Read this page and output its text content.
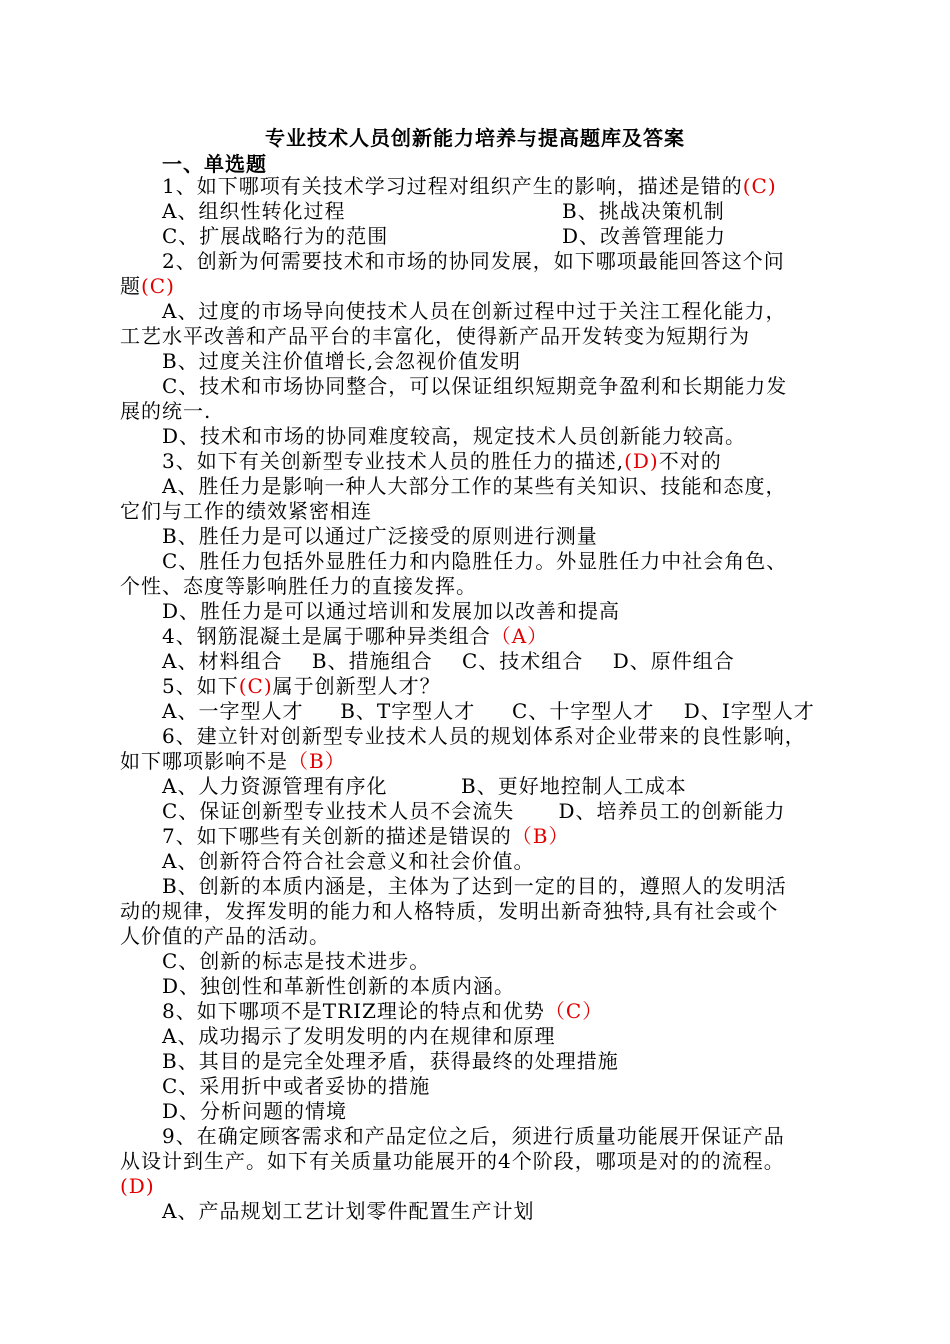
专业技术人员创新能力培养与提高题库及答案
一、单选题
1、如下哪项有关技术学习过程对组织产生的影响，描述是错的(C)
A、组织性转化过程	B、挑战决策机制
C、扩展战略行为的范围	D、改善管理能力
2、创新为何需要技术和市场的协同发展，如下哪项最能回答这个问
题(C)
A、过度的市场导向使技术人员在创新过程中过于关注工程化能力，
工艺水平改善和产品平台的丰富化，使得新产品开发转变为短期行为
B、过度关注价值增长,会忽视价值发明
C、技术和市场协同整合，可以保证组织短期竞争盈利和长期能力发
展的统一.
D、技术和市场的协同难度较高，规定技术人员创新能力较高。
3、如下有关创新型专业技术人员的胜任力的描述,(D)不对的
A、胜任力是影响一种人大部分工作的某些有关知识、技能和态度，
它们与工作的绩效紧密相连
B、胜任力是可以通过广泛接受的原则进行测量
C、胜任力包括外显胜任力和内隐胜任力。外显胜任力中社会角色、
个性、态度等影响胜任力的直接发挥。
D、胜任力是可以通过培训和发展加以改善和提高
4、钢筋混凝土是属于哪种异类组合（A）
A、材料组合    B、措施组合    C、技术组合    D、原件组合
5、如下(C)属于创新型人才？
A、一字型人才     B、T字型人才     C、十字型人才    D、I字型人才
6、建立针对创新型专业技术人员的规划体系对企业带来的良性影响，
如下哪项影响不是（B）
A、人力资源管理有序化          B、更好地控制人工成本
C、保证创新型专业技术人员不会流失      D、培养员工的创新能力
7、如下哪些有关创新的描述是错误的（B）
A、创新符合符合社会意义和社会价值。
B、创新的本质内涵是，主体为了达到一定的目的，遵照人的发明活
动的规律，发挥发明的能力和人格特质，发明出新奇独特,具有社会或个
人价值的产品的活动。
C、创新的标志是技术进步。
D、独创性和革新性创新的本质内涵。
8、如下哪项不是TRIZ理论的特点和优势（C）
A、成功揭示了发明发明的内在规律和原理
B、其目的是完全处理矛盾，获得最终的处理措施
C、采用折中或者妥协的措施
D、分析问题的情境
9、在确定顾客需求和产品定位之后，须进行质量功能展开保证产品
从设计到生产。如下有关质量功能展开的4个阶段，哪项是对的的流程。
(D)
A、产品规划工艺计划零件配置生产计划
